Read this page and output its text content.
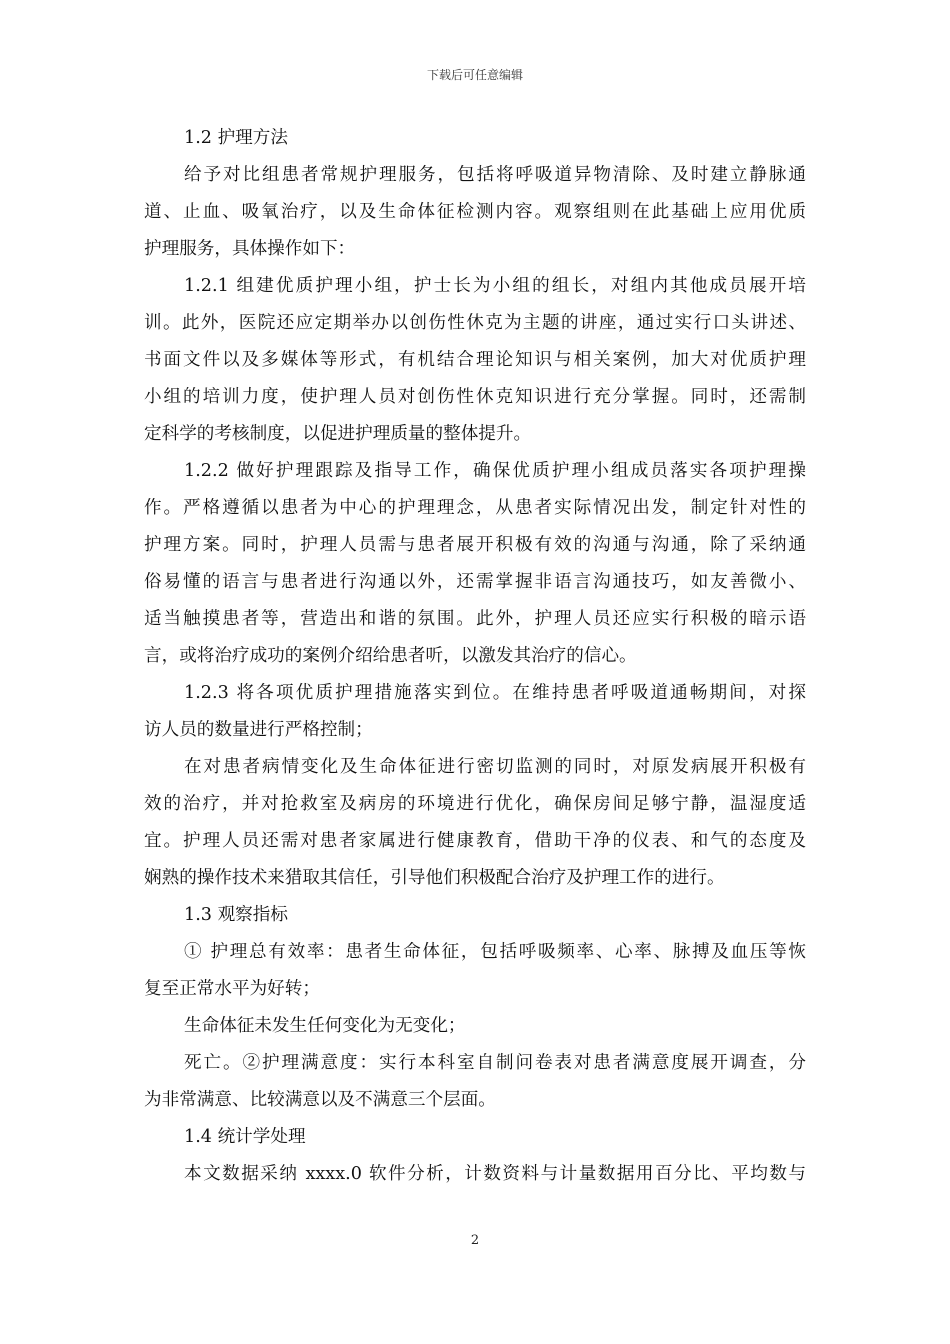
下载后可任意编辑
1.2 护理方法
给予对比组患者常规护理服务，包括将呼吸道异物清除、及时建立静脉通
道、止血、吸氧治疗，以及生命体征检测内容。观察组则在此基础上应用优质
护理服务，具体操作如下：
1.2.1 组建优质护理小组，护士长为小组的组长，对组内其他成员展开培
训。此外，医院还应定期举办以创伤性休克为主题的讲座，通过实行口头讲述、
书面文件以及多媒体等形式，有机结合理论知识与相关案例，加大对优质护理
小组的培训力度，使护理人员对创伤性休克知识进行充分掌握。同时，还需制
定科学的考核制度，以促进护理质量的整体提升。
1.2.2 做好护理跟踪及指导工作，确保优质护理小组成员落实各项护理操
作。严格遵循以患者为中心的护理理念，从患者实际情况出发，制定针对性的
护理方案。同时，护理人员需与患者展开积极有效的沟通与沟通，除了采纳通
俗易懂的语言与患者进行沟通以外，还需掌握非语言沟通技巧，如友善微小、
适当触摸患者等，营造出和谐的氛围。此外，护理人员还应实行积极的暗示语
言，或将治疗成功的案例介绍给患者听，以激发其治疗的信心。
1.2.3 将各项优质护理措施落实到位。在维持患者呼吸道通畅期间，对探
访人员的数量进行严格控制；
在对患者病情变化及生命体征进行密切监测的同时，对原发病展开积极有
效的治疗，并对抢救室及病房的环境进行优化，确保房间足够宁静，温湿度适
宜。护理人员还需对患者家属进行健康教育，借助干净的仪表、和气的态度及
娴熟的操作技术来猎取其信任，引导他们积极配合治疗及护理工作的进行。
1.3 观察指标
① 护理总有效率：患者生命体征，包括呼吸频率、心率、脉搏及血压等恢
复至正常水平为好转；
生命体征未发生任何变化为无变化；
死亡。②护理满意度：实行本科室自制问卷表对患者满意度展开调查，分
为非常满意、比较满意以及不满意三个层面。
1.4 统计学处理
本文数据采纳 xxxx.0 软件分析，计数资料与计量数据用百分比、平均数与
2
